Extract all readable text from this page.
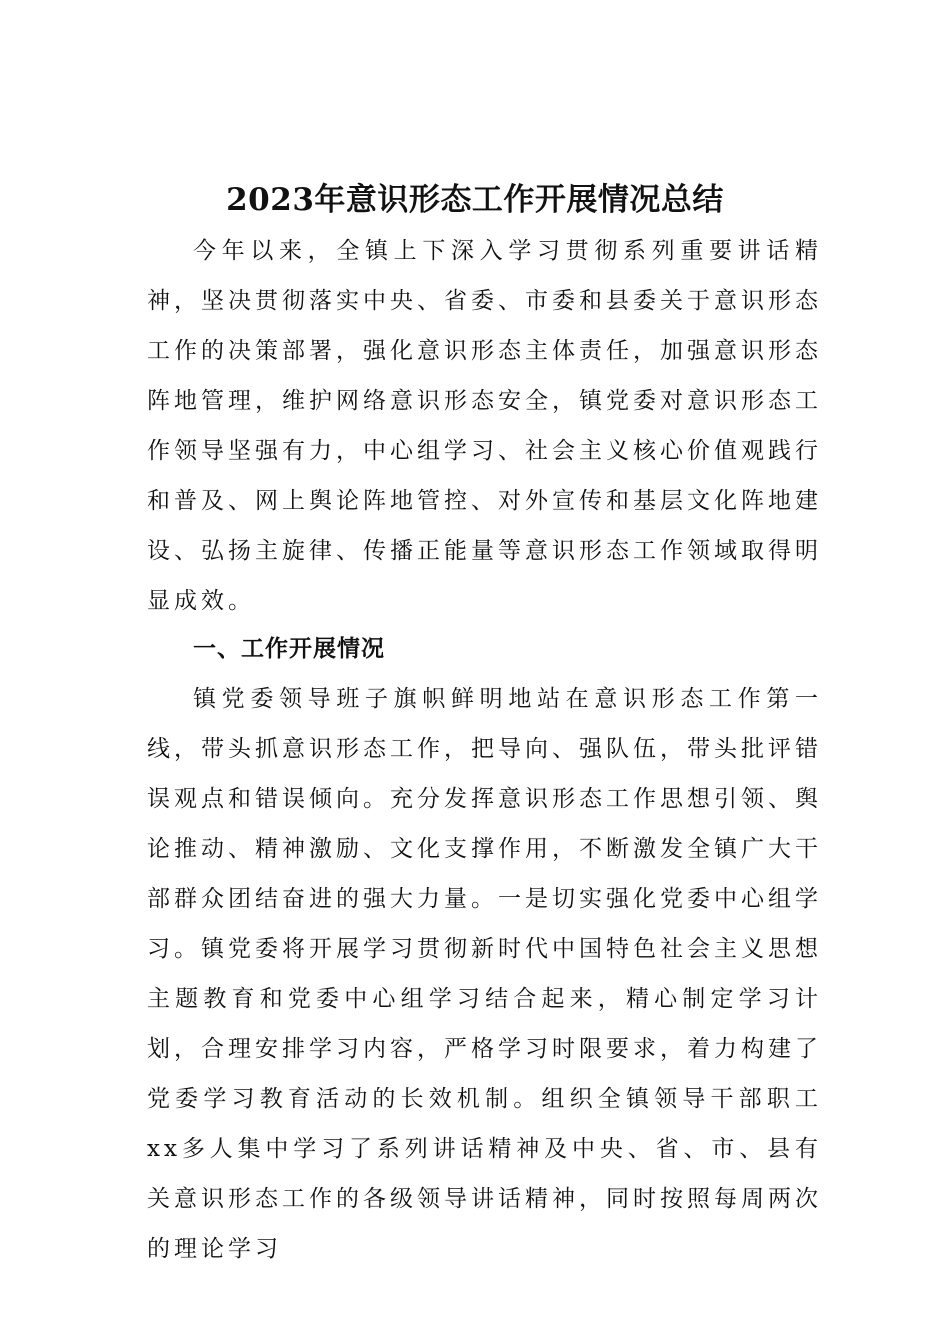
2023年意识形态工作开展情况总结

今年以来，全镇上下深入学习贯彻系列重要讲话精神，坚决贯彻落实中央、省委、市委和县委关于意识形态工作的决策部署，强化意识形态主体责任，加强意识形态阵地管理，维护网络意识形态安全，镇党委对意识形态工作领导坚强有力，中心组学习、社会主义核心价值观践行和普及、网上舆论阵地管控、对外宣传和基层文化阵地建设、弘扬主旋律、传播正能量等意识形态工作领域取得明显成效。

一、工作开展情况

镇党委领导班子旗帜鲜明地站在意识形态工作第一线，带头抓意识形态工作，把导向、强队伍，带头批评错误观点和错误倾向。充分发挥意识形态工作思想引领、舆论推动、精神激励、文化支撑作用，不断激发全镇广大干部群众团结奋进的强大力量。一是切实强化党委中心组学习。镇党委将开展学习贯彻新时代中国特色社会主义思想主题教育和党委中心组学习结合起来，精心制定学习计划，合理安排学习内容，严格学习时限要求，着力构建了党委学习教育活动的长效机制。组织全镇领导干部职工xx多人集中学习了系列讲话精神及中央、省、市、县有关意识形态工作的各级领导讲话精神，同时按照每周两次的理论学习
